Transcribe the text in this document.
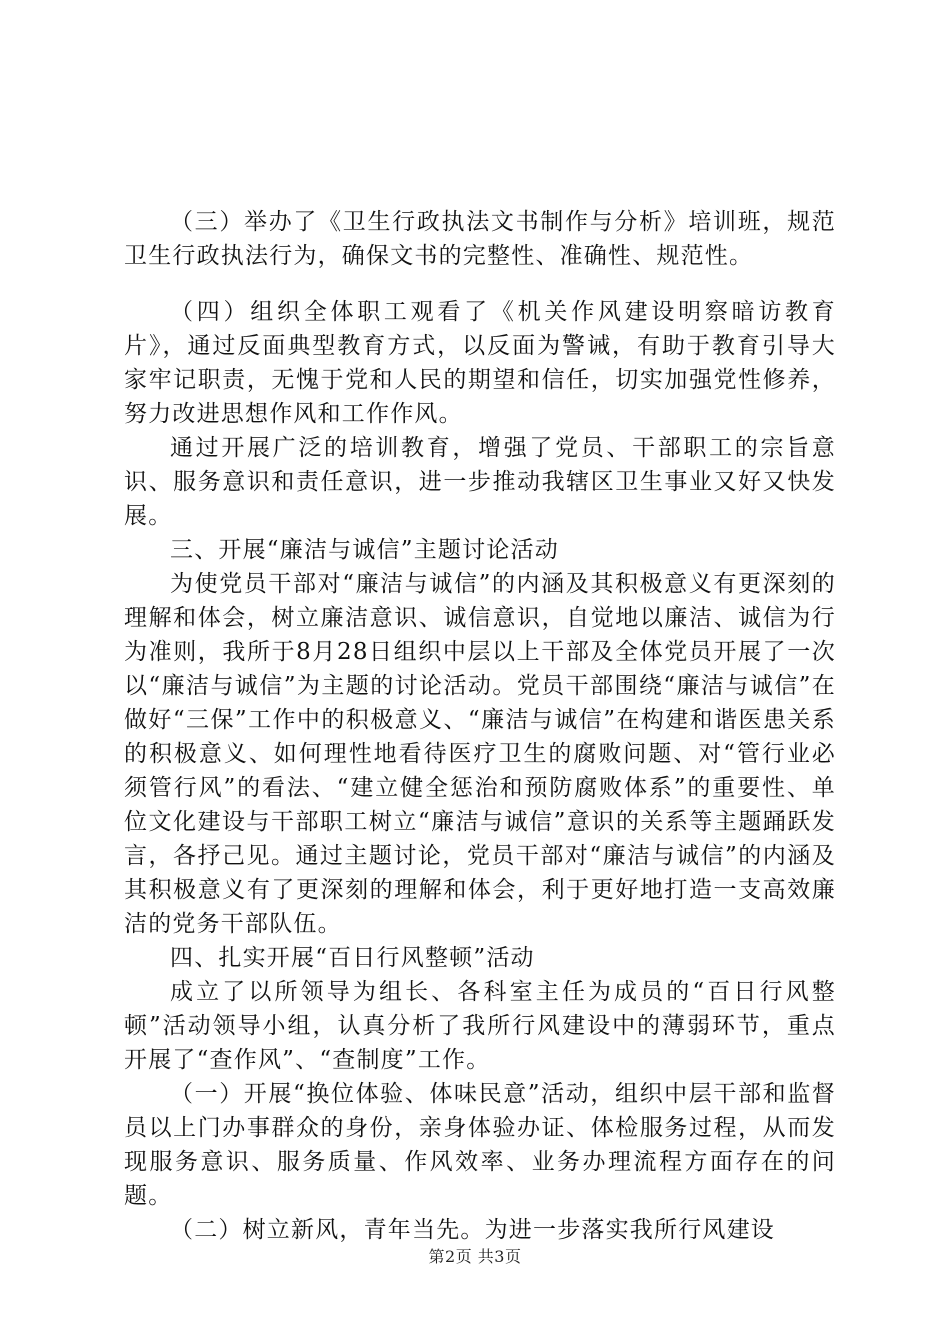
（三）举办了《卫生行政执法文书制作与分析》培训班，规范卫生行政执法行为，确保文书的完整性、准确性、规范性。

（四）组织全体职工观看了《机关作风建设明察暗访教育片》，通过反面典型教育方式，以反面为警诫，有助于教育引导大家牢记职责，无愧于党和人民的期望和信任，切实加强党性修养，努力改进思想作风和工作作风。

通过开展广泛的培训教育，增强了党员、干部职工的宗旨意识、服务意识和责任意识，进一步推动我辖区卫生事业又好又快发展。

三、开展“廉洁与诚信”主题讨论活动

为使党员干部对“廉洁与诚信”的内涵及其积极意义有更深刻的理解和体会，树立廉洁意识、诚信意识，自觉地以廉洁、诚信为行为准则，我所于8月28日组织中层以上干部及全体党员开展了一次以“廉洁与诚信”为主题的讨论活动。党员干部围绕“廉洁与诚信”在做好“三保”工作中的积极意义、“廉洁与诚信”在构建和谐医患关系的积极意义、如何理性地看待医疗卫生的腐败问题、对“管行业必须管行风”的看法、“建立健全惩治和预防腐败体系”的重要性、单位文化建设与干部职工树立“廉洁与诚信”意识的关系等主题踊跃发言，各抒己见。通过主题讨论，党员干部对“廉洁与诚信”的内涵及其积极意义有了更深刻的理解和体会，利于更好地打造一支高效廉洁的党务干部队伍。

四、扎实开展“百日行风整顿”活动

成立了以所领导为组长、各科室主任为成员的“百日行风整顿”活动领导小组，认真分析了我所行风建设中的薄弱环节，重点开展了“查作风”、“查制度”工作。

（一）开展“换位体验、体味民意”活动，组织中层干部和监督员以上门办事群众的身份，亲身体验办证、体检服务过程，从而发现服务意识、服务质量、作风效率、业务办理流程方面存在的问题。

（二）树立新风，青年当先。为进一步落实我所行风建设

第2页 共3页
